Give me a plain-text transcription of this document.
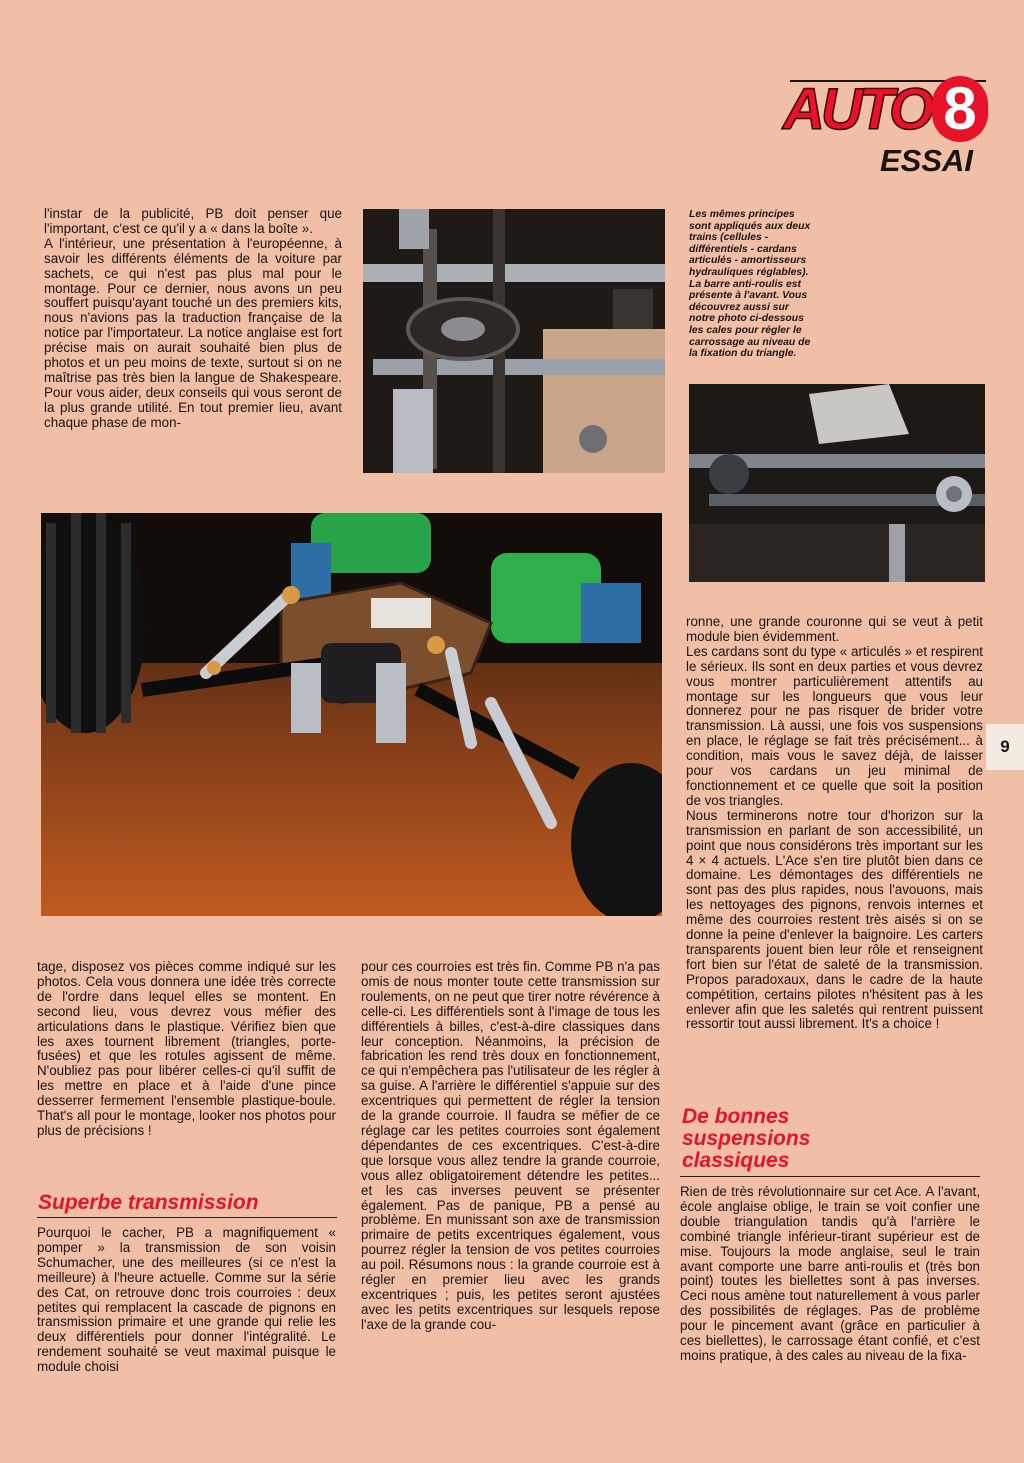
AUTO 8
ESSAI

l'instar de la publicité, PB doit penser que l'important, c'est ce qu'il y a « dans la boîte ».
A l'intérieur, une présentation à l'européenne, à savoir les différents éléments de la voiture par sachets, ce qui n'est pas plus mal pour le montage. Pour ce dernier, nous avons un peu souffert puisqu'ayant touché un des premiers kits, nous n'avions pas la traduction française de la notice par l'importateur. La notice anglaise est fort précise mais on aurait souhaité bien plus de photos et un peu moins de texte, surtout si on ne maîtrise pas très bien la langue de Shakespeare. Pour vous aider, deux conseils qui vous seront de la plus grande utilité. En tout premier lieu, avant chaque phase de mon-

Les mêmes principes
sont appliqués aux deux
trains (cellules -
différentiels - cardans
articulés - amortisseurs
hydrauliques réglables).
La barre anti-roulis est
présente à l'avant. Vous
découvrez aussi sur
notre photo ci-dessous
les cales pour régler le
carrossage au niveau de
la fixation du triangle.

ronne, une grande couronne qui se veut à petit module bien évidemment.
Les cardans sont du type « articulés » et respirent le sérieux. Ils sont en deux parties et vous devrez vous montrer particulièrement attentifs au montage sur les longueurs que vous leur donnerez pour ne pas risquer de brider votre transmission. Là aussi, une fois vos suspensions en place, le réglage se fait très précisément... à condition, mais vous le savez déjà, de laisser pour vos cardans un jeu minimal de fonctionnement et ce quelle que soit la position de vos triangles.
Nous terminerons notre tour d'horizon sur la transmission en parlant de son accessibilité, un point que nous considérons très important sur les 4 × 4 actuels. L'Ace s'en tire plutôt bien dans ce domaine. Les démontages des différentiels ne sont pas des plus rapides, nous l'avouons, mais les nettoyages des pignons, renvois internes et même des courroies restent très aisés si on se donne la peine d'enlever la baignoire. Les carters transparents jouent bien leur rôle et renseignent fort bien sur l'état de saleté de la transmission. Propos paradoxaux, dans le cadre de la haute compétition, certains pilotes n'hésitent pas à les enlever afin que les saletés qui rentrent puissent ressortir tout aussi librement. It's a choice !

9

tage, disposez vos pièces comme indiqué sur les photos. Cela vous donnera une idée très correcte de l'ordre dans lequel elles se montent. En second lieu, vous devrez vous méfier des articulations dans le plastique. Vérifiez bien que les axes tournent librement (triangles, porte-fusées) et que les rotules agissent de même. N'oubliez pas pour libérer celles-ci qu'il suffit de les mettre en place et à l'aide d'une pince desserrer fermement l'ensemble plastique-boule. That's all pour le montage, looker nos photos pour plus de précisions !

Superbe transmission

Pourquoi le cacher, PB a magnifiquement « pomper » la transmission de son voisin Schumacher, une des meilleures (si ce n'est la meilleure) à l'heure actuelle. Comme sur la série des Cat, on retrouve donc trois courroies : deux petites qui remplacent la cascade de pignons en transmission primaire et une grande qui relie les deux différentiels pour donner l'intégralité. Le rendement souhaité se veut maximal puisque le module choisi

pour ces courroies est très fin. Comme PB n'a pas omis de nous monter toute cette transmission sur roulements, on ne peut que tirer notre révérence à celle-ci. Les différentiels sont à l'image de tous les différentiels à billes, c'est-à-dire classiques dans leur conception. Néanmoins, la précision de fabrication les rend très doux en fonctionnement, ce qui n'empêchera pas l'utilisateur de les régler à sa guise. A l'arrière le différentiel s'appuie sur des excentriques qui permettent de régler la tension de la grande courroie. Il faudra se méfier de ce réglage car les petites courroies sont également dépendantes de ces excentriques. C'est-à-dire que lorsque vous allez tendre la grande courroie, vous allez obligatoirement détendre les petites... et les cas inverses peuvent se présenter également. Pas de panique, PB a pensé au problème. En munissant son axe de transmission primaire de petits excentriques également, vous pourrez régler la tension de vos petites courroies au poil. Résumons nous : la grande courroie est à régler en premier lieu avec les grands excentriques ; puis, les petites seront ajustées avec les petits excentriques sur lesquels repose l'axe de la grande cou-

De bonnes
suspensions
classiques

Rien de très révolutionnaire sur cet Ace. A l'avant, école anglaise oblige, le train se voit confier une double triangulation tandis qu'à l'arrière le combiné triangle inférieur-tirant supérieur est de mise. Toujours la mode anglaise, seul le train avant comporte une barre anti-roulis et (très bon point) toutes les biellettes sont à pas inverses. Ceci nous amène tout naturellement à vous parler des possibilités de réglages. Pas de problème pour le pincement avant (grâce en particulier à ces biellettes), le carrossage étant confié, et c'est moins pratique, à des cales au niveau de la fixa-
